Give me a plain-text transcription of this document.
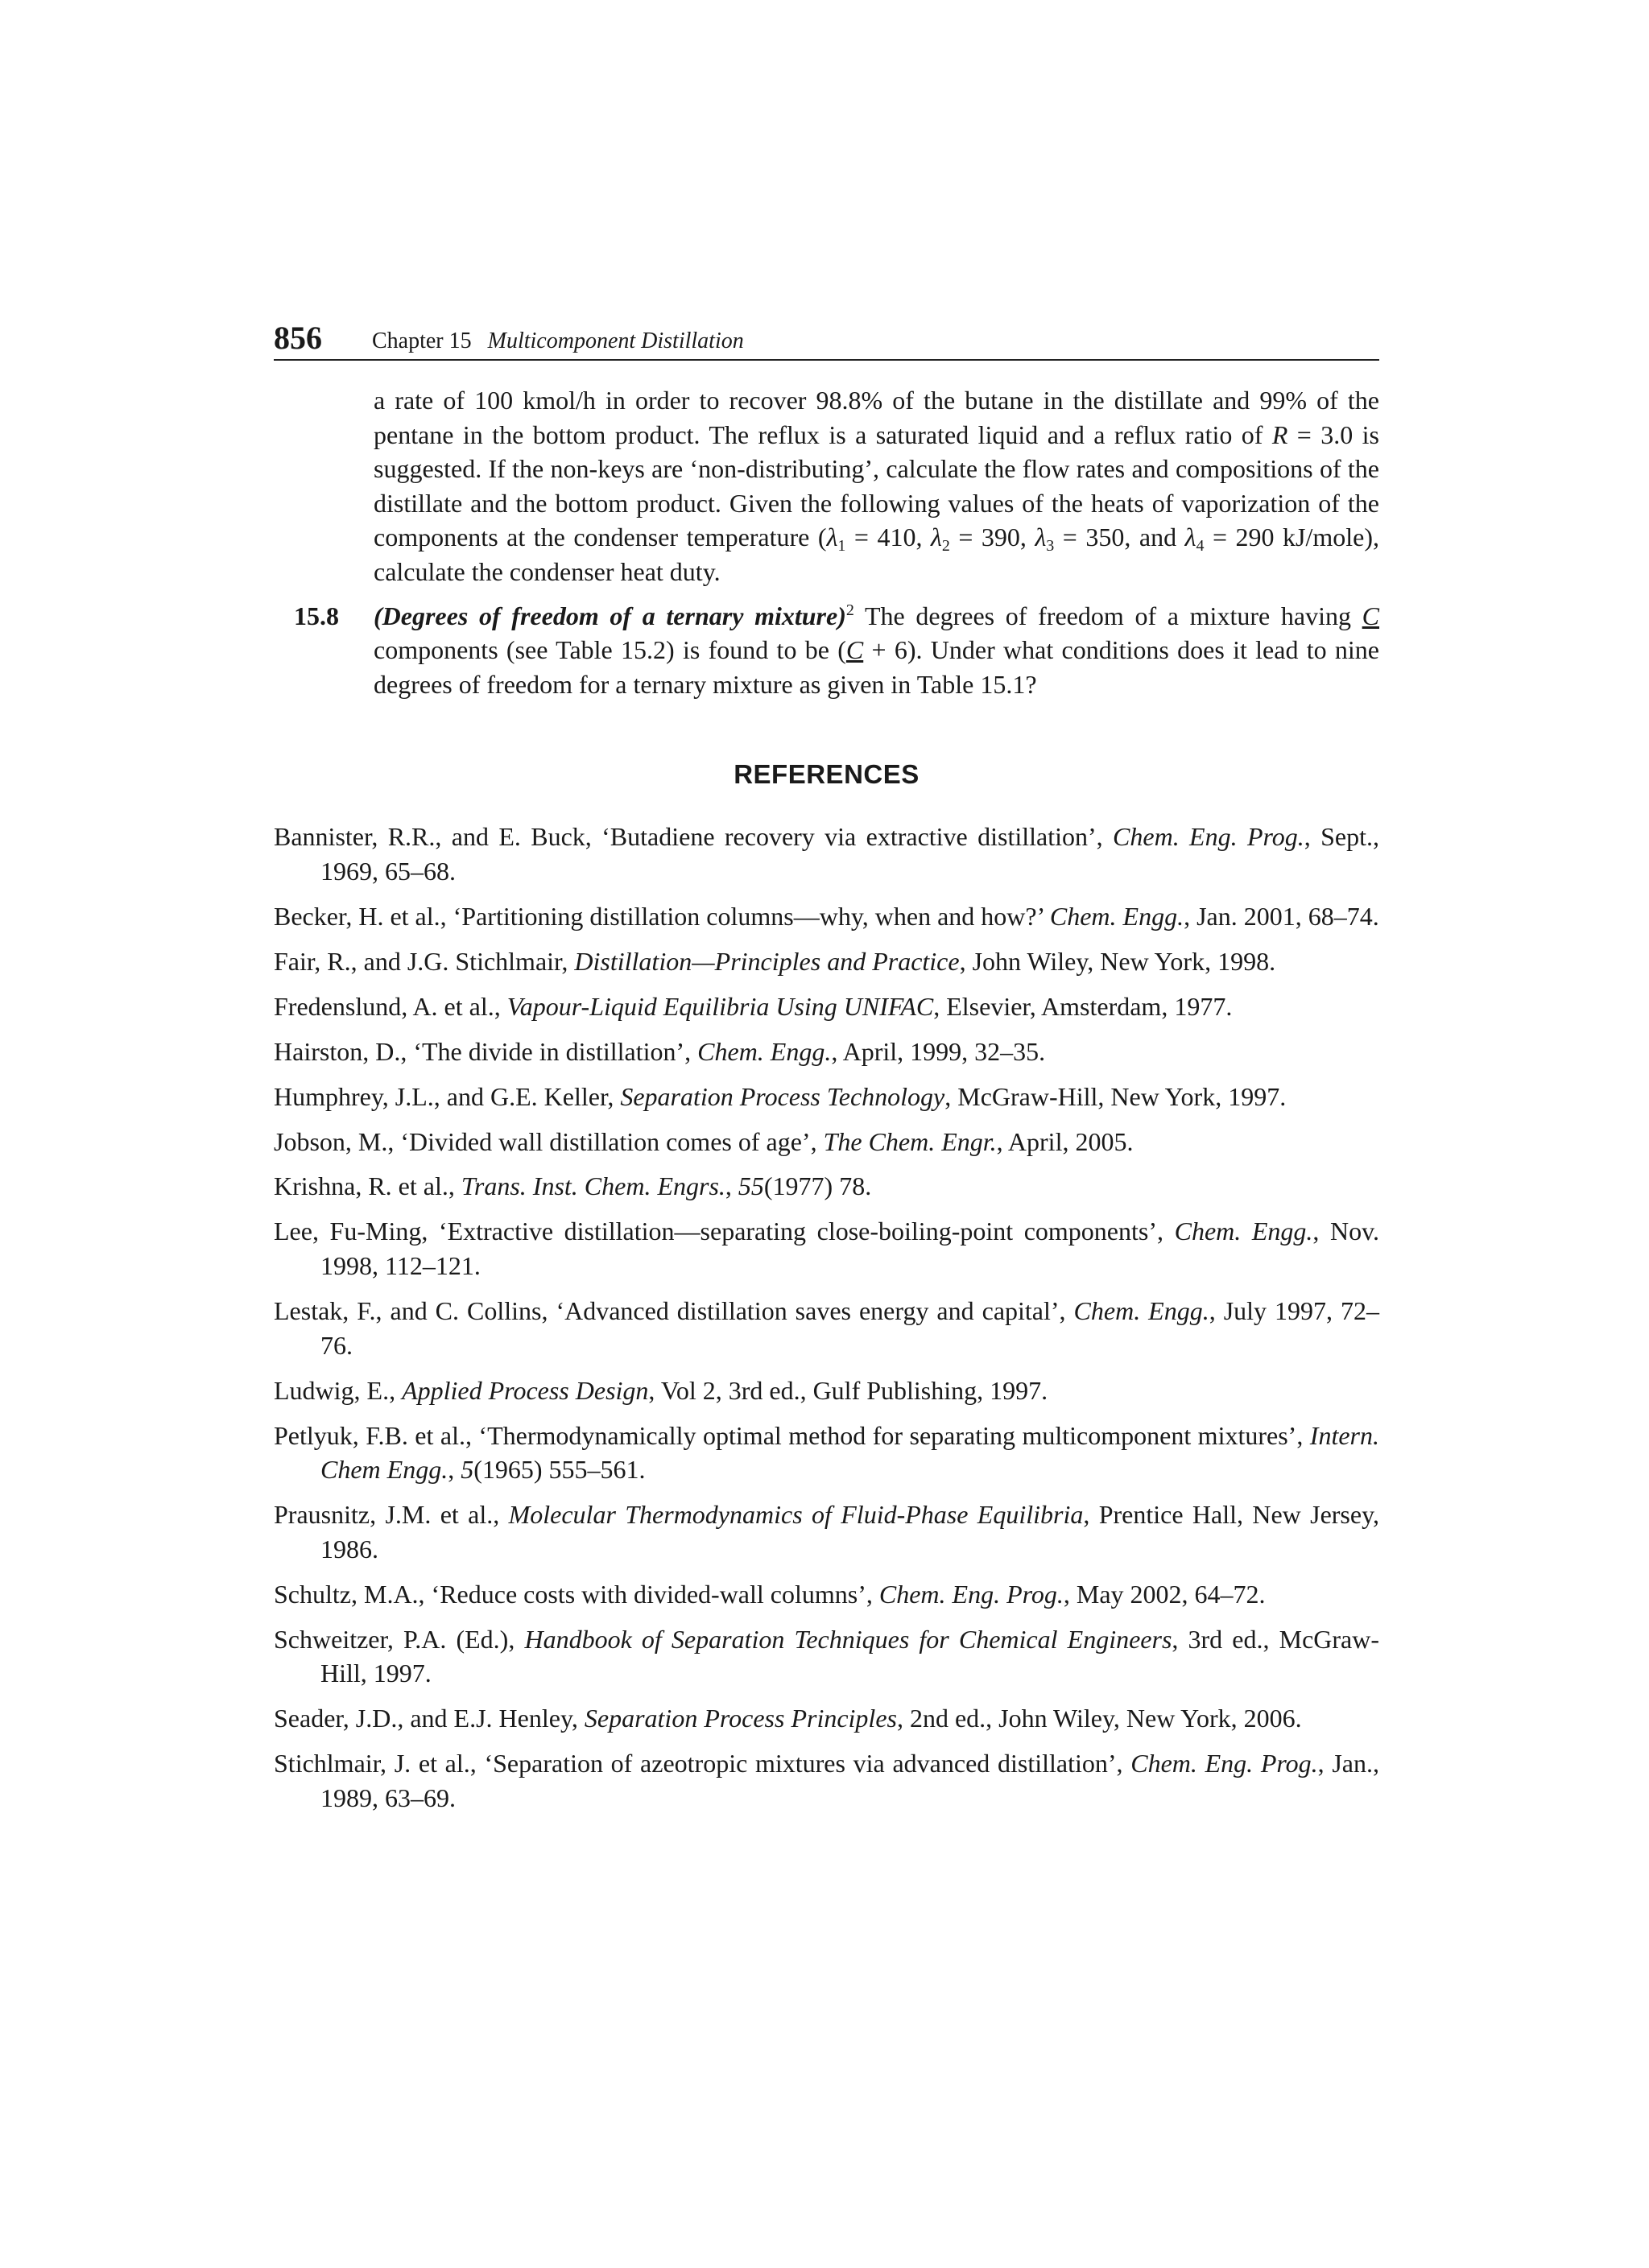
856 Chapter 15 Multicomponent Distillation

a rate of 100 kmol/h in order to recover 98.8% of the butane in the distillate and 99% of the pentane in the bottom product. The reflux is a saturated liquid and a reflux ratio of R = 3.0 is suggested. If the non-keys are ‘non-distributing’, calculate the flow rates and compositions of the distillate and the bottom product. Given the following values of the heats of vaporization of the components at the condenser temperature ($\lambda_1 = 410$, $\lambda_2 = 390$, $\lambda_3 = 350$, and $\lambda_4 = 290$ kJ/mole), calculate the condenser heat duty.

15.8 (Degrees of freedom of a ternary mixture)$^2$ The degrees of freedom of a mixture having C components (see Table 15.2) is found to be (C + 6). Under what conditions does it lead to nine degrees of freedom for a ternary mixture as given in Table 15.1?
REFERENCES

Bannister, R.R., and E. Buck, ‘Butadiene recovery via extractive distillation’, Chem. Eng. Prog., Sept., 1969, 65–68.

Becker, H. et al., ‘Partitioning distillation columns—why, when and how?’ Chem. Engg., Jan. 2001, 68–74.

Fair, R., and J.G. Stichlmair, Distillation—Principles and Practice, John Wiley, New York, 1998.

Fredenslund, A. et al., Vapour-Liquid Equilibria Using UNIFAC, Elsevier, Amsterdam, 1977.

Hairston, D., ‘The divide in distillation’, Chem. Engg., April, 1999, 32–35.

Humphrey, J.L., and G.E. Keller, Separation Process Technology, McGraw-Hill, New York, 1997.

Jobson, M., ‘Divided wall distillation comes of age’, The Chem. Engr., April, 2005.

Krishna, R. et al., Trans. Inst. Chem. Engrs., 55(1977) 78.

Lee, Fu-Ming, ‘Extractive distillation—separating close-boiling-point components’, Chem. Engg., Nov. 1998, 112–121.

Lestak, F., and C. Collins, ‘Advanced distillation saves energy and capital’, Chem. Engg., July 1997, 72–76.

Ludwig, E., Applied Process Design, Vol 2, 3rd ed., Gulf Publishing, 1997.

Petlyuk, F.B. et al., ‘Thermodynamically optimal method for separating multicomponent mixtures’, Intern. Chem Engg., 5(1965) 555–561.

Prausnitz, J.M. et al., Molecular Thermodynamics of Fluid-Phase Equilibria, Prentice Hall, New Jersey, 1986.

Schultz, M.A., ‘Reduce costs with divided-wall columns’, Chem. Eng. Prog., May 2002, 64–72.

Schweitzer, P.A. (Ed.), Handbook of Separation Techniques for Chemical Engineers, 3rd ed., McGraw-Hill, 1997.

Seader, J.D., and E.J. Henley, Separation Process Principles, 2nd ed., John Wiley, New York, 2006.

Stichlmair, J. et al., ‘Separation of azeotropic mixtures via advanced distillation’, Chem. Eng. Prog., Jan., 1989, 63–69.
